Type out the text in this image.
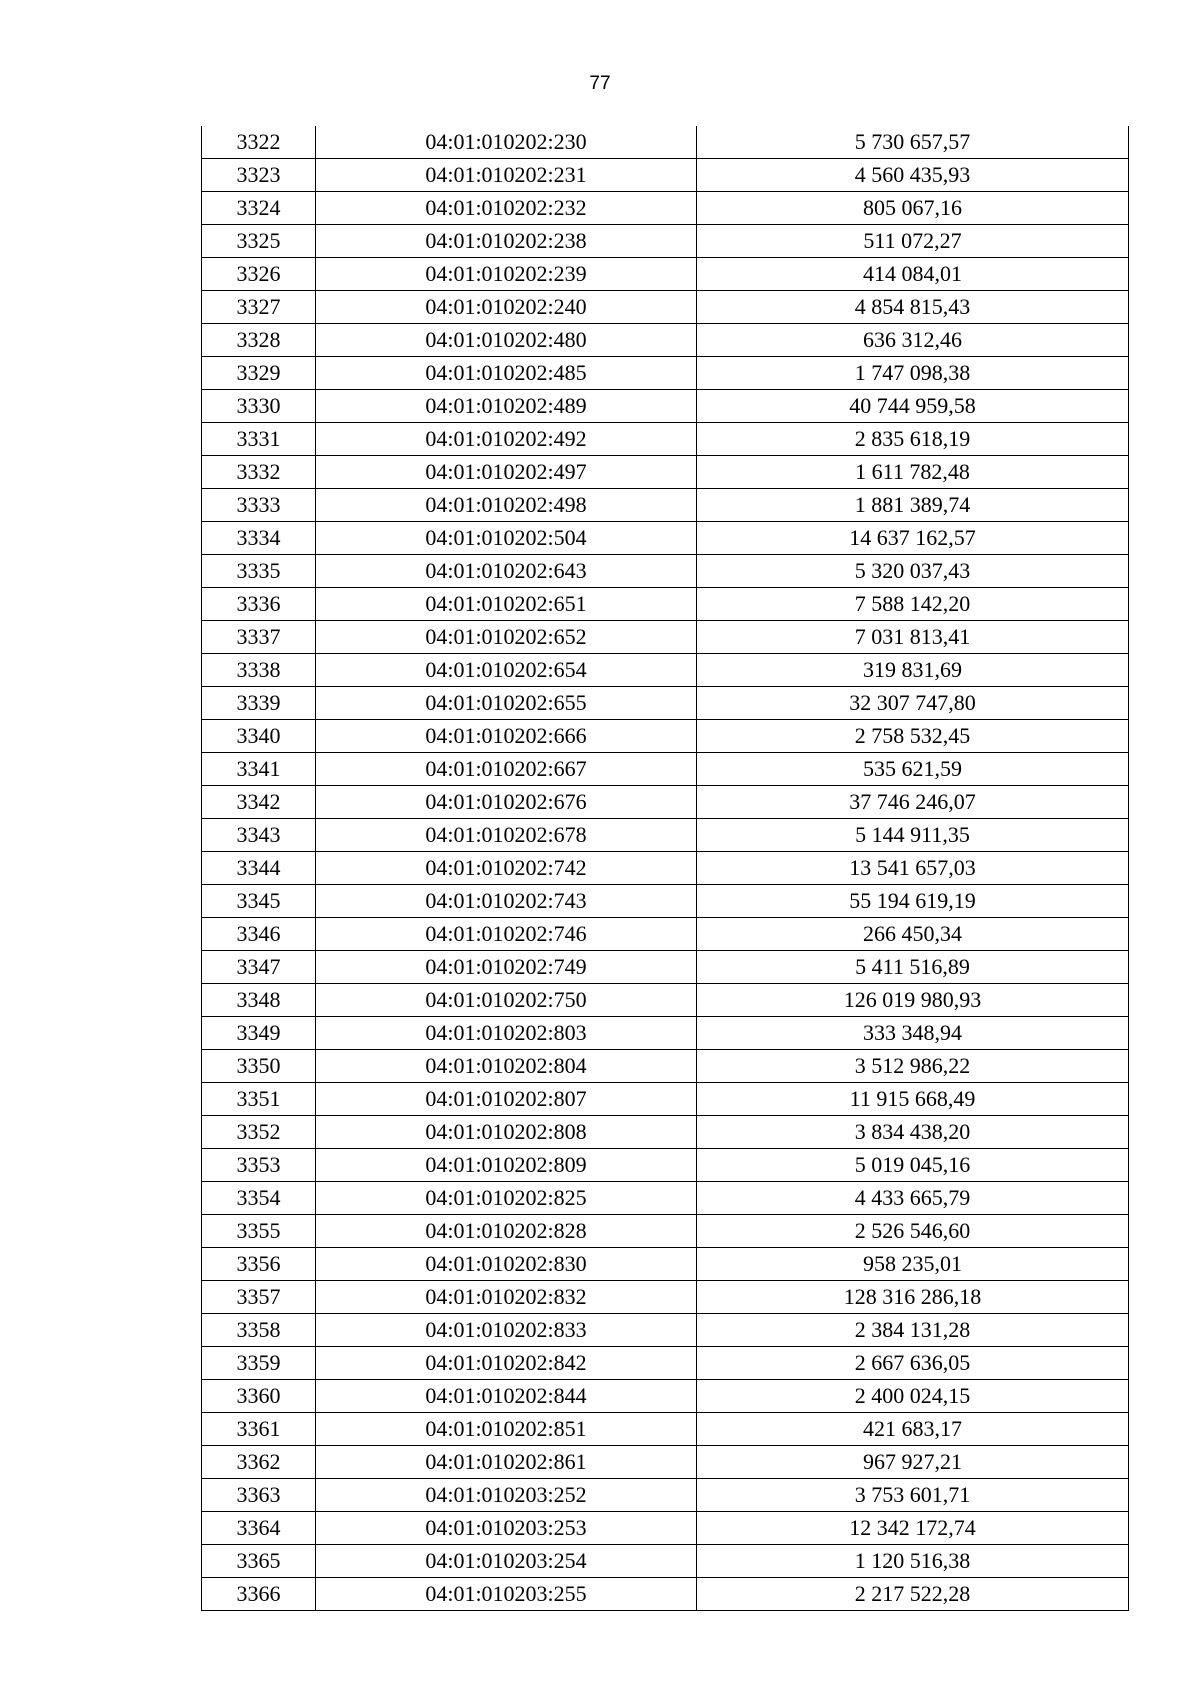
77
3322	04:01:010202:230	5 730 657,57
3323	04:01:010202:231	4 560 435,93
3324	04:01:010202:232	805 067,16
3325	04:01:010202:238	511 072,27
3326	04:01:010202:239	414 084,01
3327	04:01:010202:240	4 854 815,43
3328	04:01:010202:480	636 312,46
3329	04:01:010202:485	1 747 098,38
3330	04:01:010202:489	40 744 959,58
3331	04:01:010202:492	2 835 618,19
3332	04:01:010202:497	1 611 782,48
3333	04:01:010202:498	1 881 389,74
3334	04:01:010202:504	14 637 162,57
3335	04:01:010202:643	5 320 037,43
3336	04:01:010202:651	7 588 142,20
3337	04:01:010202:652	7 031 813,41
3338	04:01:010202:654	319 831,69
3339	04:01:010202:655	32 307 747,80
3340	04:01:010202:666	2 758 532,45
3341	04:01:010202:667	535 621,59
3342	04:01:010202:676	37 746 246,07
3343	04:01:010202:678	5 144 911,35
3344	04:01:010202:742	13 541 657,03
3345	04:01:010202:743	55 194 619,19
3346	04:01:010202:746	266 450,34
3347	04:01:010202:749	5 411 516,89
3348	04:01:010202:750	126 019 980,93
3349	04:01:010202:803	333 348,94
3350	04:01:010202:804	3 512 986,22
3351	04:01:010202:807	11 915 668,49
3352	04:01:010202:808	3 834 438,20
3353	04:01:010202:809	5 019 045,16
3354	04:01:010202:825	4 433 665,79
3355	04:01:010202:828	2 526 546,60
3356	04:01:010202:830	958 235,01
3357	04:01:010202:832	128 316 286,18
3358	04:01:010202:833	2 384 131,28
3359	04:01:010202:842	2 667 636,05
3360	04:01:010202:844	2 400 024,15
3361	04:01:010202:851	421 683,17
3362	04:01:010202:861	967 927,21
3363	04:01:010203:252	3 753 601,71
3364	04:01:010203:253	12 342 172,74
3365	04:01:010203:254	1 120 516,38
3366	04:01:010203:255	2 217 522,28
